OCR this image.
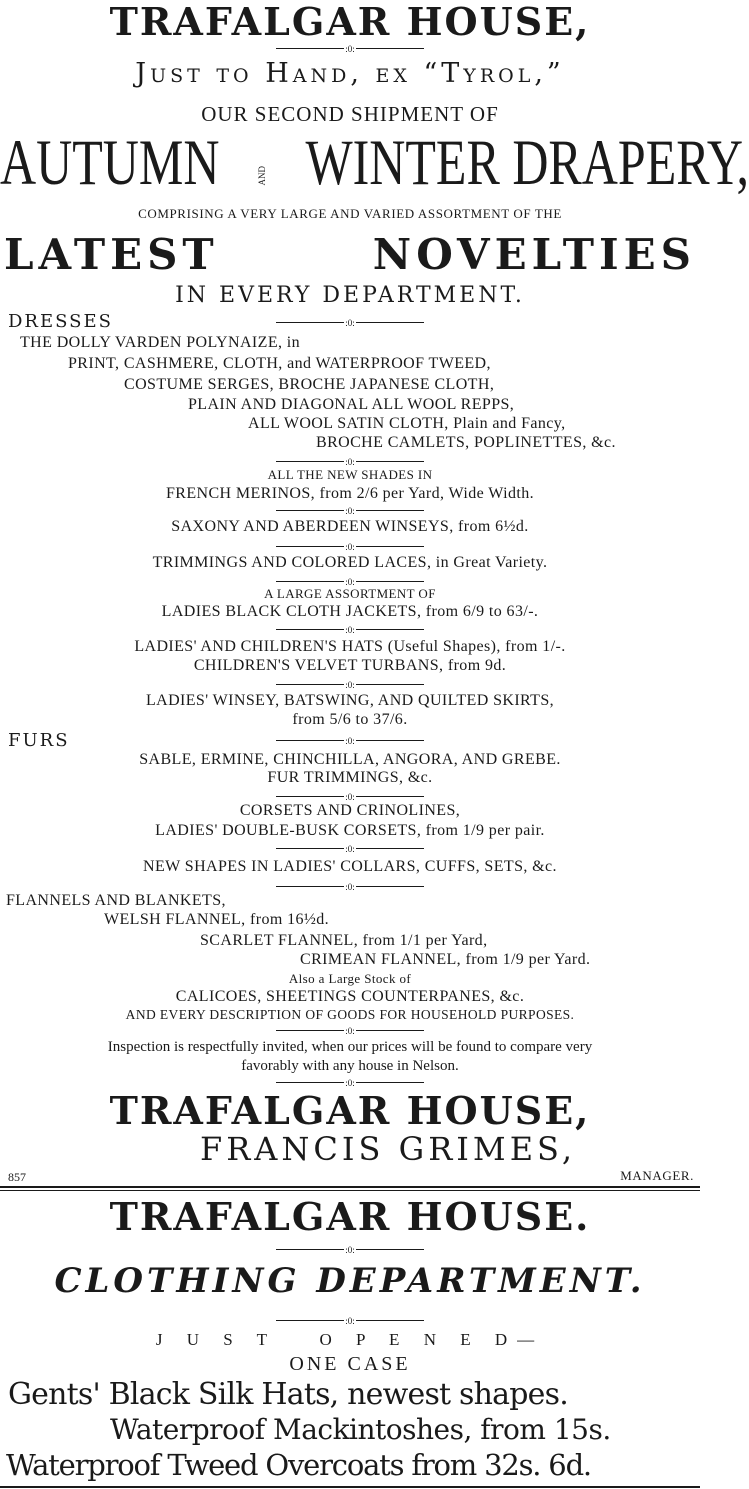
TRAFALGAR HOUSE,
:0:
Just to Hand, ex “Tyrol,”
OUR SECOND SHIPMENT OF
AUTUMN	AND WINTER DRAPERY,
COMPRISING A VERY LARGE AND VARIED ASSORTMENT OF THE
LATEST	NOVELTIES
IN EVERY DEPARTMENT.
DRESSES	:0:
THE DOLLY VARDEN POLYNAIZE, in
PRINT, CASHMERE, CLOTH, and WATERPROOF TWEED,
COSTUME SERGES, BROCHE JAPANESE CLOTH,
PLAIN AND DIAGONAL ALL WOOL REPPS,
ALL WOOL SATIN CLOTH, Plain and Fancy,
BROCHE CAMLETS, POPLINETTES, &c.
:0:
ALL THE NEW SHADES IN
FRENCH MERINOS, from 2/6 per Yard, Wide Width.
:0:
SAXONY AND ABERDEEN WINSEYS, from 6½d.
:0:
TRIMMINGS AND COLORED LACES, in Great Variety.
:0:
A LARGE ASSORTMENT OF
LADIES BLACK CLOTH JACKETS, from 6/9 to 63/-.
:0:
LADIES' AND CHILDREN'S HATS (Useful Shapes), from 1/-.
CHILDREN'S VELVET TURBANS, from 9d.
:0:
LADIES' WINSEY, BATSWING, AND QUILTED SKIRTS,
from 5/6 to 37/6.
FURS	:0:
SABLE, ERMINE, CHINCHILLA, ANGORA, AND GREBE.
FUR TRIMMINGS, &c.
:0:
CORSETS AND CRINOLINES,
LADIES' DOUBLE-BUSK CORSETS, from 1/9 per pair.
:0:
NEW SHAPES IN LADIES' COLLARS, CUFFS, SETS, &c.
:0:
FLANNELS AND BLANKETS,
WELSH FLANNEL, from 16½d.
SCARLET FLANNEL, from 1/1 per Yard,
CRIMEAN FLANNEL, from 1/9 per Yard.
Also a Large Stock of
CALICOES, SHEETINGS COUNTERPANES, &c.
AND EVERY DESCRIPTION OF GOODS FOR HOUSEHOLD PURPOSES.
:0:
Inspection is respectfully invited, when our prices will be found to compare very
favorably with any house in Nelson.
:0:
TRAFALGAR HOUSE,
FRANCIS GRIMES,
857	MANAGER.
TRAFALGAR HOUSE.
:0:
CLOTHING DEPARTMENT.
:0:
J U S T   O P E N E D—
ONE CASE
Gents' Black Silk Hats, newest shapes.
Waterproof Mackintoshes, from 15s.
Waterproof Tweed Overcoats from 32s. 6d.
